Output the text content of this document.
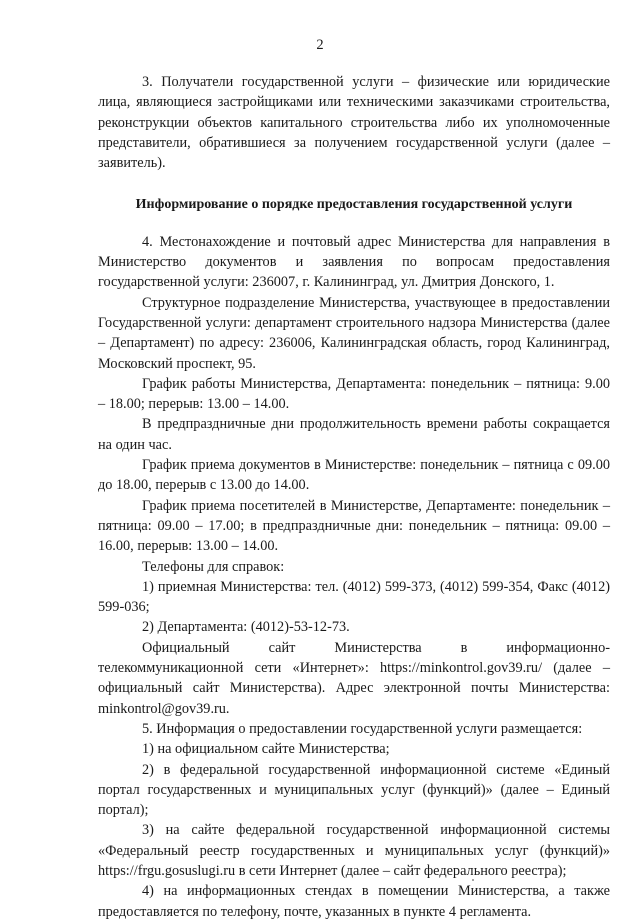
2

3. Получатели государственной услуги – физические или юридические лица, являющиеся застройщиками или техническими заказчиками строительства, реконструкции объектов капитального строительства либо их уполномоченные представители, обратившиеся за получением государственной услуги (далее – заявитель).

Информирование о порядке предоставления государственной услуги

4. Местонахождение и почтовый адрес Министерства для направления в Министерство документов и заявления по вопросам предоставления государственной услуги: 236007, г. Калининград, ул. Дмитрия Донского, 1.

Структурное подразделение Министерства, участвующее в предоставлении Государственной услуги: департамент строительного надзора Министерства (далее – Департамент) по адресу: 236006, Калининградская область, город Калининград, Московский проспект, 95.

График работы Министерства, Департамента: понедельник – пятница: 9.00 – 18.00; перерыв: 13.00 – 14.00.

В предпраздничные дни продолжительность времени работы сокращается на один час.

График приема документов в Министерстве: понедельник – пятница с 09.00 до 18.00, перерыв с 13.00 до 14.00.

График приема посетителей в Министерстве, Департаменте: понедельник – пятница: 09.00 – 17.00; в предпраздничные дни: понедельник – пятница: 09.00 – 16.00, перерыв: 13.00 – 14.00.

Телефоны для справок:

1) приемная Министерства: тел. (4012) 599-373, (4012) 599-354, Факс (4012) 599-036;

2) Департамента: (4012)-53-12-73.

Официальный сайт Министерства в информационно-телекоммуникационной сети «Интернет»: https://minkontrol.gov39.ru/ (далее – официальный сайт Министерства). Адрес электронной почты Министерства: minkontrol@gov39.ru.

5. Информация о предоставлении государственной услуги размещается:

1) на официальном сайте Министерства;

2) в федеральной государственной информационной системе «Единый портал государственных и муниципальных услуг (функций)» (далее – Единый портал);

3) на сайте федеральной государственной информационной системы «Федеральный реестр государственных и муниципальных услуг (функций)» https://frgu.gosuslugi.ru в сети Интернет (далее – сайт федерального реестра);

4) на информационных стендах в помещении Министерства, а также предоставляется по телефону, почте, указанных в пункте 4 регламента.
